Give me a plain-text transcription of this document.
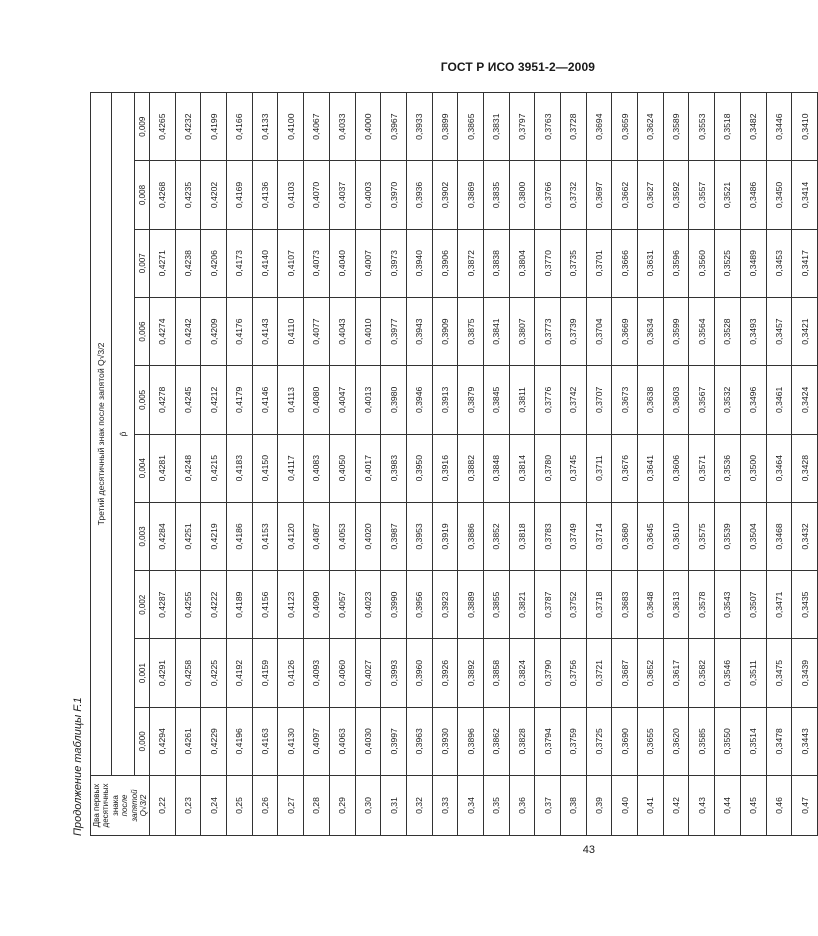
ГОСТ Р ИСО 3951-2—2009
Продолжение таблицы F.1 Два первых десятичных знака после запятой Q√3/2	Третий десятичный знак после запятой Q√3/2									
	p̂									
	0,000	0,001	0,002	0,003	0,004	0,005	0,006	0,007	0,008	0,009
0,22	0,4294	0,4291	0,4287	0,4284	0,4281	0,4278	0,4274	0,4271	0,4268	0,4265
0,23	0,4261	0,4258	0,4255	0,4251	0,4248	0,4245	0,4242	0,4238	0,4235	0,4232
0,24	0,4229	0,4225	0,4222	0,4219	0,4215	0,4212	0,4209	0,4206	0,4202	0,4199
0,25	0,4196	0,4192	0,4189	0,4186	0,4183	0,4179	0,4176	0,4173	0,4169	0,4166
0,26	0,4163	0,4159	0,4156	0,4153	0,4150	0,4146	0,4143	0,4140	0,4136	0,4133
0,27	0,4130	0,4126	0,4123	0,4120	0,4117	0,4113	0,4110	0,4107	0,4103	0,4100
0,28	0,4097	0,4093	0,4090	0,4087	0,4083	0,4080	0,4077	0,4073	0,4070	0,4067
0,29	0,4063	0,4060	0,4057	0,4053	0,4050	0,4047	0,4043	0,4040	0,4037	0,4033
0,30	0,4030	0,4027	0,4023	0,4020	0,4017	0,4013	0,4010	0,4007	0,4003	0,4000
0,31	0,3997	0,3993	0,3990	0,3987	0,3983	0,3980	0,3977	0,3973	0,3970	0,3967
0,32	0,3963	0,3960	0,3956	0,3953	0,3950	0,3946	0,3943	0,3940	0,3936	0,3933
0,33	0,3930	0,3926	0,3923	0,3919	0,3916	0,3913	0,3909	0,3906	0,3902	0,3899
0,34	0,3896	0,3892	0,3889	0,3886	0,3882	0,3879	0,3875	0,3872	0,3869	0,3865
0,35	0,3862	0,3858	0,3855	0,3852	0,3848	0,3845	0,3841	0,3838	0,3835	0,3831
0,36	0,3828	0,3824	0,3821	0,3818	0,3814	0,3811	0,3807	0,3804	0,3800	0,3797
0,37	0,3794	0,3790	0,3787	0,3783	0,3780	0,3776	0,3773	0,3770	0,3766	0,3763
0,38	0,3759	0,3756	0,3752	0,3749	0,3745	0,3742	0,3739	0,3735	0,3732	0,3728
0,39	0,3725	0,3721	0,3718	0,3714	0,3711	0,3707	0,3704	0,3701	0,3697	0,3694
0,40	0,3690	0,3687	0,3683	0,3680	0,3676	0,3673	0,3669	0,3666	0,3662	0,3659
0,41	0,3655	0,3652	0,3648	0,3645	0,3641	0,3638	0,3634	0,3631	0,3627	0,3624
0,42	0,3620	0,3617	0,3613	0,3610	0,3606	0,3603	0,3599	0,3596	0,3592	0,3589
0,43	0,3585	0,3582	0,3578	0,3575	0,3571	0,3567	0,3564	0,3560	0,3557	0,3553
0,44	0,3550	0,3546	0,3543	0,3539	0,3536	0,3532	0,3528	0,3525	0,3521	0,3518
0,45	0,3514	0,3511	0,3507	0,3504	0,3500	0,3496	0,3493	0,3489	0,3486	0,3482
0,46	0,3478	0,3475	0,3471	0,3468	0,3464	0,3461	0,3457	0,3453	0,3450	0,3446
0,47	0,3443	0,3439	0,3435	0,3432	0,3428	0,3424	0,3421	0,3417	0,3414	0,3410
43
